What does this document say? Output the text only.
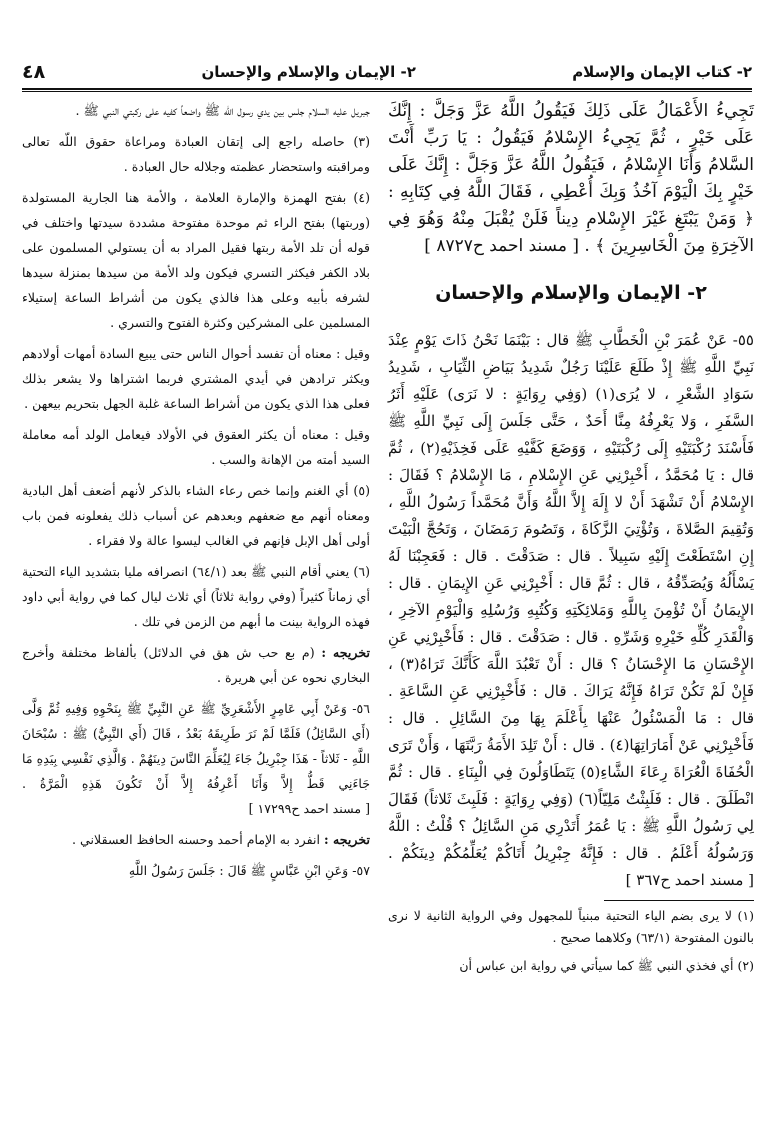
٢- كتاب الإيمان والإسلام
٢- الإيمان والإسلام والإحسان
٤٨

تَجِيءُ الأَعْمَالُ عَلَى ذَلِكَ فَيَقُولُ اللَّهُ عَزَّ وَجَلَّ : إِنَّكَ عَلَى خَيْرٍ ، ثُمَّ يَجِيءُ الإِسْلامُ فَيَقُولُ : يَا رَبِّ أَنْتَ السَّلامُ وَأَنَا الإِسْلامُ ، فَيَقُولُ اللَّهُ عَزَّ وَجَلَّ : إِنَّكَ عَلَى خَيْرٍ بِكَ الْيَوْمَ آخُذُ وَبِكَ أُعْطِي ، فَقَالَ اللَّهُ فِي كِتَابِهِ : ﴿ وَمَنْ يَبْتَغِ غَيْرَ الإِسْلامِ دِيناً فَلَنْ يُقْبَلَ مِنْهُ وَهُوَ فِي الآخِرَةِ مِنَ الْخَاسِرِينَ ﴾ . [ مسند احمد ح٨٧٢٧ ]

٢- الإيمان والإسلام والإحسان

٥٥- عَنْ عُمَرَ بْنِ الْخَطَّابِ ﷺ قال : بَيْنَمَا نَحْنُ ذَاتَ يَوْمٍ عِنْدَ نَبِيِّ اللَّهِ ﷺ إِذْ طَلَعَ عَلَيْنَا رَجُلٌ شَدِيدُ بَيَاضِ الثِّيَابِ ، شَدِيدُ سَوَادِ الشَّعْرِ ، لا يُرَى(١) (وَفِي رِوَايَةٍ : لا نَرَى) عَلَيْهِ أَثَرُ السَّفَرِ ، وَلا يَعْرِفُهُ مِنَّا أَحَدٌ ، حَتَّى جَلَسَ إِلَى نَبِيِّ اللَّهِ ﷺ فَأَسْنَدَ رُكْبَتَيْهِ إِلَى رُكْبَتَيْهِ ، وَوَضَعَ كَفَّيْهِ عَلَى فَخِذَيْهِ(٢) ، ثُمَّ قال : يَا مُحَمَّدُ ، أَخْبِرْنِي عَنِ الإِسْلامِ ، مَا الإِسْلامُ ؟ فَقَالَ : الإِسْلامُ أَنْ تَشْهَدَ أَنْ لا إِلَهَ إِلاَّ اللَّهُ وَأَنَّ مُحَمَّداً رَسُولُ اللَّهِ ، وَتُقِيمَ الصَّلاةَ ، وَتُؤْتِيَ الزَّكَاةَ ، وَتَصُومَ رَمَضَانَ ، وَتَحُجَّ الْبَيْتَ إِنِ اسْتَطَعْتَ إِلَيْهِ سَبِيلاً . قال : صَدَقْتَ . قال : فَعَجِبْنَا لَهُ يَسْأَلُهُ وَيُصَدِّقُهُ ، قال : ثُمَّ قال : أَخْبِرْنِي عَنِ الإِيمَانِ . قال : الإِيمَانُ أَنْ تُؤْمِنَ بِاللَّهِ وَمَلائِكَتِهِ وَكُتُبِهِ وَرُسُلِهِ وَالْيَوْمِ الآخِرِ ، وَالْقَدَرِ كُلِّهِ خَيْرِهِ وَشَرِّهِ . قال : صَدَقْتَ . قال : فَأَخْبِرْنِي عَنِ الإِحْسَانِ مَا الإِحْسَانُ ؟ قال : أَنْ تَعْبُدَ اللَّهَ كَأَنَّكَ تَرَاهُ(٣) ، فَإِنْ لَمْ تَكُنْ تَرَاهُ فَإِنَّهُ يَرَاكَ . قال : فَأَخْبِرْنِي عَنِ السَّاعَةِ . قال : مَا الْمَسْئُولُ عَنْهَا بِأَعْلَمَ بِهَا مِنَ السَّائِلِ . قال : فَأَخْبِرْنِي عَنْ أَمَارَاتِهَا(٤) . قال : أَنْ تَلِدَ الأَمَةُ رَبَّتَهَا ، وَأَنْ تَرَى الْحُفَاةَ الْعُرَاةَ رِعَاءَ الشَّاءِ(٥) يَتَطَاوَلُونَ فِي الْبِنَاءِ . قال : ثُمَّ انْطَلَقَ . قال : فَلَبِثْتُ مَلِيّاً(٦) (وَفِي رِوَايَةٍ : فَلَبِثَ ثَلاثاً) فَقَالَ لِي رَسُولُ اللَّهِ ﷺ : يَا عُمَرُ أَتَدْرِي مَنِ السَّائِلُ ؟ قُلْتُ : اللَّهُ وَرَسُولُهُ أَعْلَمُ . قال : فَإِنَّهُ جِبْرِيلُ أَتَاكُمْ يُعَلِّمُكُمْ دِينَكُمْ . [ مسند احمد ح٣٦٧ ]

(١) لا يرى بضم الياء التحتية مبنياً للمجهول وفي الرواية الثانية لا نرى بالنون المفتوحة (٦٣/١) وكلاهما صحيح .

(٢) أي فخذي النبي ﷺ كما سيأتي في رواية ابن عباس أن

جبريل عليه السلام جلس بين يدي رسول اللّه ﷺ واضعاً كفيه على ركبتي النبي ﷺ .

(٣) حاصله راجع إلى إتقان العبادة ومراعاة حقوق اللّه تعالى ومراقبته واستحضار عظمته وجلاله حال العبادة .

(٤) بفتح الهمزة والإمارة العلامة ، والأمة هنا الجارية المستولدة (وربتها) بفتح الراء ثم موحدة مفتوحة مشددة سيدتها واختلف في قوله أن تلد الأمة ربتها فقيل المراد به أن يستولي المسلمون على بلاد الكفر فيكثر التسري فيكون ولد الأمة من سيدها بمنزلة سيدها لشرفه بأبيه وعلى هذا فالذي يكون من أشراط الساعة إستيلاء المسلمين على المشركين وكثرة الفتوح والتسري .

وقيل : معناه أن تفسد أحوال الناس حتى يبيع السادة أمهات أولادهم ويكثر ترادهن في أيدي المشتري فربما اشتراها ولا يشعر بذلك فعلى هذا الذي يكون من أشراط الساعة غلبة الجهل بتحريم بيعهن .

وقيل : معناه أن يكثر العقوق في الأولاد فيعامل الولد أمه معاملة السيد أمته من الإهانة والسب .

(٥) أي الغنم وإنما خص رعاء الشاء بالذكر لأنهم أضعف أهل البادية ومعناه أنهم مع ضعفهم وبعدهم عن أسباب ذلك يفعلونه فمن باب أولى أهل الإبل فإنهم في الغالب ليسوا عالة ولا فقراء .

(٦) يعني أقام النبي ﷺ بعد (٦٤/١) انصرافه مليا بتشديد الياء التحتية أي زماناً كثيراً (وفي رواية ثلاثاً) أي ثلاث ليال كما في رواية أبي داود فهذه الرواية بينت ما أبهم من الزمن في تلك .

تخريجه : (م بع حب ش هق في الدلائل) بألفاظ مختلفة وأخرج البخاري نحوه عن أبي هريرة .

٥٦- وَعَنْ أَبِي عَامِرٍ الأَشْعَرِيِّ ﷺ عَنِ النَّبِيِّ ﷺ بِنَحْوِهِ وَفِيهِ ثُمَّ وَلَّى (أَي السَّائِلُ) فَلَمَّا لَمْ نَرَ طَرِيقَهُ بَعْدُ ، قَالَ (أَي النَّبِيُّ) ﷺ : سُبْحَانَ اللَّهِ - ثَلاثاً - هَذَا جِبْرِيلُ جَاءَ لِيُعَلِّمَ النَّاسَ دِينَهُمْ . وَالَّذِي نَفْسِي بِيَدِهِ مَا جَاءَنِي قَطُّ إِلاَّ وَأَنَا أَعْرِفُهُ إِلاَّ أَنْ تَكُونَ هَذِهِ الْمَرَّةُ . [ مسند احمد ح١٧٢٩٩ ]

تخريجه : انفرد به الإمام أحمد وحسنه الحافظ العسقلاني .

٥٧- وَعَنِ ابْنِ عَبَّاسٍ ﷺ قَالَ : جَلَسَ رَسُولُ اللَّهِ
